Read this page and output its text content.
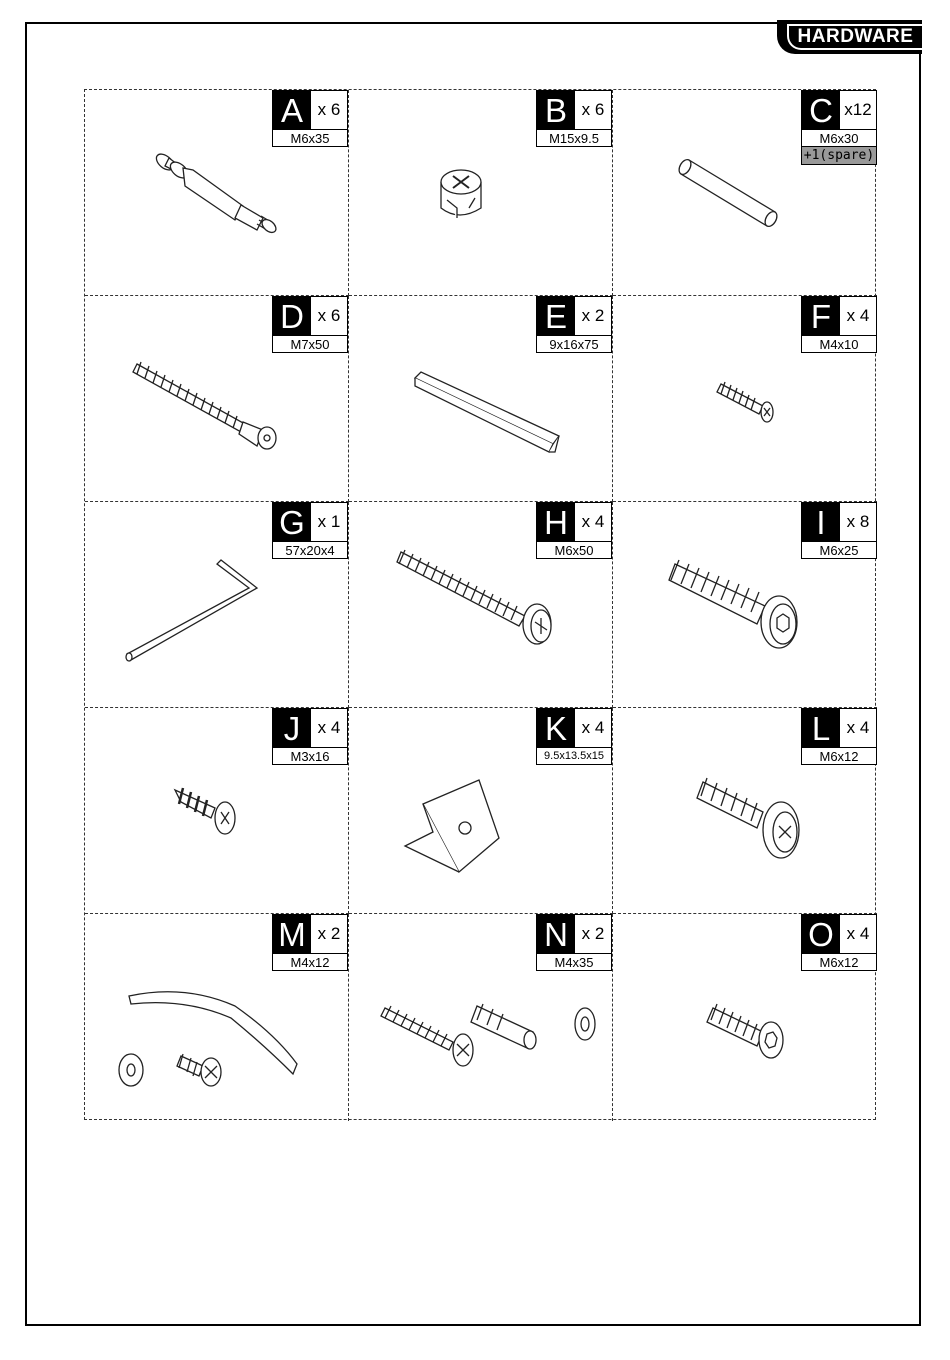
HARDWARE
A x 6
M6x35
B x 6
M15x9.5
C x12
M6x30
+1(spare)
D x 6
M7x50
E x 2
9x16x75
F x 4
M4x10
G x 1
57x20x4
H x 4
M6x50
I	x 8
M6x25
J	x 4
M3x16
K x 4
9.5x13.5x15
L x 4
M6x12
M x 2
M4x12
N x 2
M4x35
O x 4
M6x12
